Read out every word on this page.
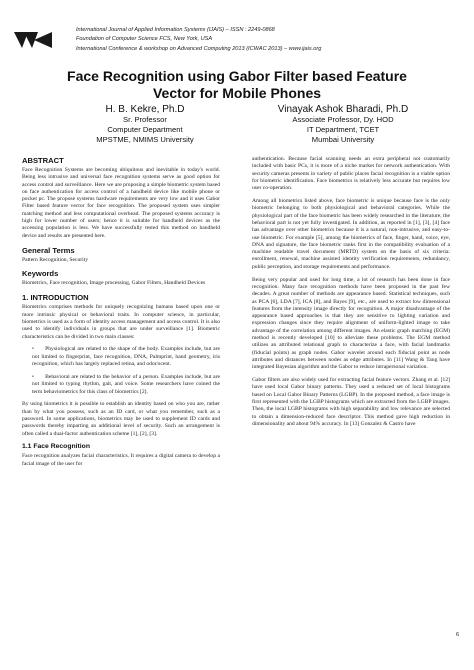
International Journal of Applied Information Systems (IJAIS) – ISSN : 2249-0868
Foundation of Computer Science FCS, New York, USA
International Conference & workshop on Advanced Computing 2013 (ICWAC 2013) – www.ijais.org
Face Recognition using Gabor Filter based Feature
Vector for Mobile Phones
H. B. Kekre, Ph.D
Sr. Professor
Computer Department
MPSTME, NMIMS University
Vinayak Ashok Bharadi, Ph.D
Associate Professor, Dy. HOD
IT Department, TCET
Mumbai University
ABSTRACT

Face Recognition Systems are becoming ubiquitous and inevitable in today's world. Being less intrusive and universal face recognition systems serve as good option for access control and surveillance. Here we are proposing a simple biometric system based on face authentication for access control of a handheld device like mobile phone or pocket pc. The propose systems hardware requirements are very low and it uses Gabor Filter based feature vector for face recognition. The proposed system uses simpler matching method and less computational overhead. The proposed systems accuracy is high for lower number of users; hence it is suitable for handheld devices as the accessing population is less. We have successfully tested this method on handheld device and results are presented here.

General Terms

Pattern Recognition, Security

Keywords

Biometrics, Face recognition, Image processing, Gabor Filters, Handheld Devices

1. INTRODUCTION

Biometrics comprises methods for uniquely recognizing humans based upon one or more intrinsic physical or behavioral traits. In computer science, in particular, biometrics is used as a form of identity access management and access control. It is also used to identify individuals in groups that are under surveillance [1]. Biometric characteristics can be divided in two main classes:

•  Physiological are related to the shape of the body. Examples include, but are not limited to fingerprint, face recognition, DNA, Palmprint, hand geometry, iris recognition, which has largely replaced retina, and odor/scent.

•  Behavioral are related to the behavior of a person. Examples include, but are not limited to typing rhythm, gait, and voice. Some researchers have coined the term behaviometrics for this class of biometrics [2].

By using biometrics it is possible to establish an identity based on who you are, rather than by what you possess, such as an ID card, or what you remember, such as a password. In some applications, biometrics may be used to supplement ID cards and passwords thereby imparting an additional level of security. Such an arrangement is often called a dual-factor authentication scheme [1], [2], [3].

1.1 Face Recognition

Face recognition analyzes facial characteristics. It requires a digital camera to develop a facial image of the user for

authentication. Because facial scanning needs an extra peripheral not customarily included with basic PCs, it is more of a niche market for network authentication. With security cameras presents in variety of public places facial recognition is a viable option for biometric identification. Face biometrics is relatively less accurate but requires low user co-operation.

Among all biometrics listed above, face biometric is unique because face is the only biometric belonging to both physiological and behavioral categories. While the physiological part of the face biometric has been widely researched in the literature, the behavioral part is not yet fully investigated. In addition, as reported in [1], [3], [4] face has advantage over other biometrics because it is a natural, non-intrusive, and easy-to-use biometric. For example [5], among the biometrics of face, finger, hand, voice, eye, DNA and signature, the face biometric ranks first in the compatibility evaluation of a machine readable travel document (MRTD) system on the basis of six criteria: enrollment, renewal, machine assisted identity verification requirements, redundancy, public perception, and storage requirements and performance.

Being very popular and used for long time, a lot of research has been done in face recognition. Many face recognition methods have been proposed in the past few decades. A great number of methods are appearance based. Statistical techniques, such as PCA [6], LDA [7], ICA [8], and Bayes [9], etc., are used to extract low dimensional features from the intensity image directly for recognition. A major disadvantage of the appearance based approaches is that they are sensitive to lighting variation and expression changes since they require alignment of uniform-lighted image to take advantage of the correlation among different images. An elastic graph matching (EGM) method is recently developed [10] to alleviate these problems. The EGM method utilizes an attributed relational graph to characterize a face, with facial landmarks (fiducial points) as graph nodes. Gabor wavelet around each fiducial point as node attributes and distances between nodes as edge attributes. In [11] Wang & Tang have integrated Bayesian algorithm and the Gabor to reduce intrapersonal variation.

Gabor filters are also widely used for extracting facial feature vectors. Zhang et al. [12] have used local Gabor binary patterns. They used a reduced set of local histograms based on Local Gabor Binary Patterns (LGBP). In the proposed method, a face image is first represented with the LGBP histograms which are extracted from the LGBP images. Then, the local LGBP histograms with high separability and low relevance are selected to obtain a dimension-reduced face descriptor. This method gave high reduction in dimensionality and about 94% accuracy. In [13] Gonzalez & Castro have

6
